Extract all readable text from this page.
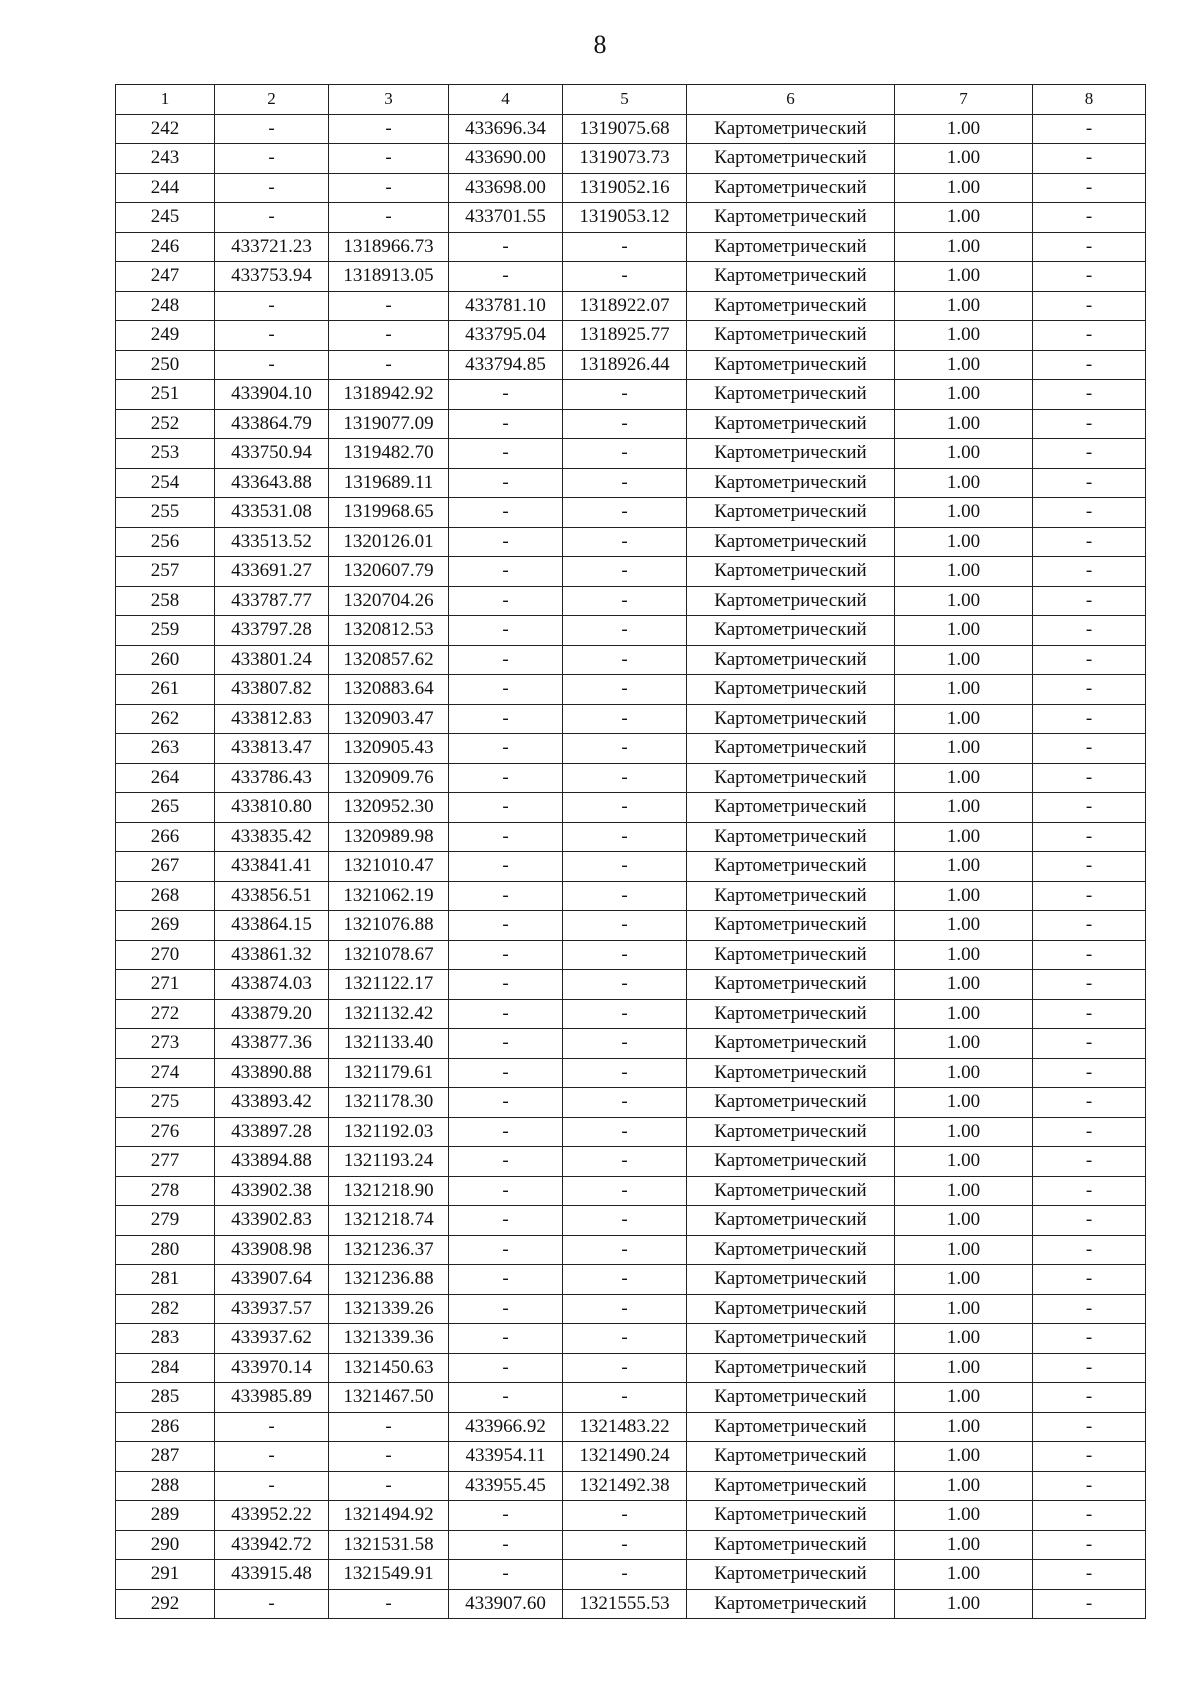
8
1	2	3	4	5	6	7	8
242	-	-	433696.34	1319075.68	Картометрический	1.00	-
243	-	-	433690.00	1319073.73	Картометрический	1.00	-
244	-	-	433698.00	1319052.16	Картометрический	1.00	-
245	-	-	433701.55	1319053.12	Картометрический	1.00	-
246	433721.23	1318966.73	-	-	Картометрический	1.00	-
247	433753.94	1318913.05	-	-	Картометрический	1.00	-
248	-	-	433781.10	1318922.07	Картометрический	1.00	-
249	-	-	433795.04	1318925.77	Картометрический	1.00	-
250	-	-	433794.85	1318926.44	Картометрический	1.00	-
251	433904.10	1318942.92	-	-	Картометрический	1.00	-
252	433864.79	1319077.09	-	-	Картометрический	1.00	-
253	433750.94	1319482.70	-	-	Картометрический	1.00	-
254	433643.88	1319689.11	-	-	Картометрический	1.00	-
255	433531.08	1319968.65	-	-	Картометрический	1.00	-
256	433513.52	1320126.01	-	-	Картометрический	1.00	-
257	433691.27	1320607.79	-	-	Картометрический	1.00	-
258	433787.77	1320704.26	-	-	Картометрический	1.00	-
259	433797.28	1320812.53	-	-	Картометрический	1.00	-
260	433801.24	1320857.62	-	-	Картометрический	1.00	-
261	433807.82	1320883.64	-	-	Картометрический	1.00	-
262	433812.83	1320903.47	-	-	Картометрический	1.00	-
263	433813.47	1320905.43	-	-	Картометрический	1.00	-
264	433786.43	1320909.76	-	-	Картометрический	1.00	-
265	433810.80	1320952.30	-	-	Картометрический	1.00	-
266	433835.42	1320989.98	-	-	Картометрический	1.00	-
267	433841.41	1321010.47	-	-	Картометрический	1.00	-
268	433856.51	1321062.19	-	-	Картометрический	1.00	-
269	433864.15	1321076.88	-	-	Картометрический	1.00	-
270	433861.32	1321078.67	-	-	Картометрический	1.00	-
271	433874.03	1321122.17	-	-	Картометрический	1.00	-
272	433879.20	1321132.42	-	-	Картометрический	1.00	-
273	433877.36	1321133.40	-	-	Картометрический	1.00	-
274	433890.88	1321179.61	-	-	Картометрический	1.00	-
275	433893.42	1321178.30	-	-	Картометрический	1.00	-
276	433897.28	1321192.03	-	-	Картометрический	1.00	-
277	433894.88	1321193.24	-	-	Картометрический	1.00	-
278	433902.38	1321218.90	-	-	Картометрический	1.00	-
279	433902.83	1321218.74	-	-	Картометрический	1.00	-
280	433908.98	1321236.37	-	-	Картометрический	1.00	-
281	433907.64	1321236.88	-	-	Картометрический	1.00	-
282	433937.57	1321339.26	-	-	Картометрический	1.00	-
283	433937.62	1321339.36	-	-	Картометрический	1.00	-
284	433970.14	1321450.63	-	-	Картометрический	1.00	-
285	433985.89	1321467.50	-	-	Картометрический	1.00	-
286	-	-	433966.92	1321483.22	Картометрический	1.00	-
287	-	-	433954.11	1321490.24	Картометрический	1.00	-
288	-	-	433955.45	1321492.38	Картометрический	1.00	-
289	433952.22	1321494.92	-	-	Картометрический	1.00	-
290	433942.72	1321531.58	-	-	Картометрический	1.00	-
291	433915.48	1321549.91	-	-	Картометрический	1.00	-
292	-	-	433907.60	1321555.53	Картометрический	1.00	-
